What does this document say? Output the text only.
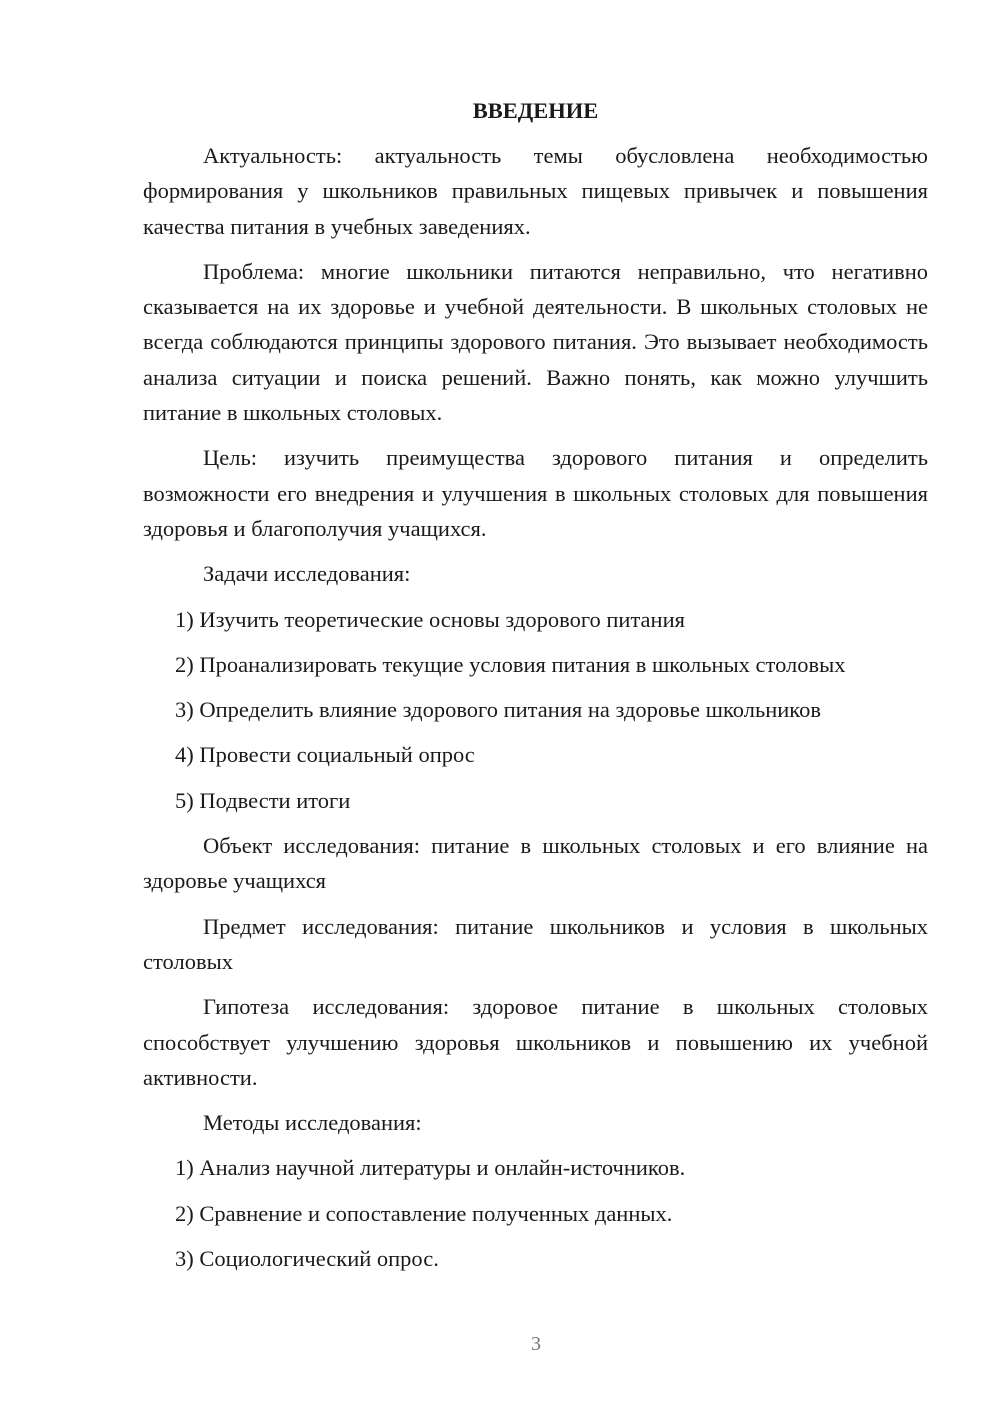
ВВЕДЕНИЕ
Актуальность: актуальность темы обусловлена необходимостью формирования у школьников правильных пищевых привычек и повышения качества питания в учебных заведениях.
Проблема: многие школьники питаются неправильно, что негативно сказывается на их здоровье и учебной деятельности. В школьных столовых не всегда соблюдаются принципы здорового питания. Это вызывает необходимость анализа ситуации и поиска решений. Важно понять, как можно улучшить питание в школьных столовых.
Цель: изучить преимущества здорового питания и определить возможности его внедрения и улучшения в школьных столовых для повышения здоровья и благополучия учащихся.
Задачи исследования:
1) Изучить теоретические основы здорового питания
2) Проанализировать текущие условия питания в школьных столовых
3) Определить влияние здорового питания на здоровье школьников
4) Провести социальный опрос
5) Подвести итоги
Объект исследования: питание в школьных столовых и его влияние на здоровье учащихся
Предмет исследования: питание школьников и условия в школьных столовых
Гипотеза исследования: здоровое питание в школьных столовых способствует улучшению здоровья школьников и повышению их учебной активности.
Методы исследования:
1) Анализ научной литературы и онлайн-источников.
2) Сравнение и сопоставление полученных данных.
3) Социологический опрос.
3
